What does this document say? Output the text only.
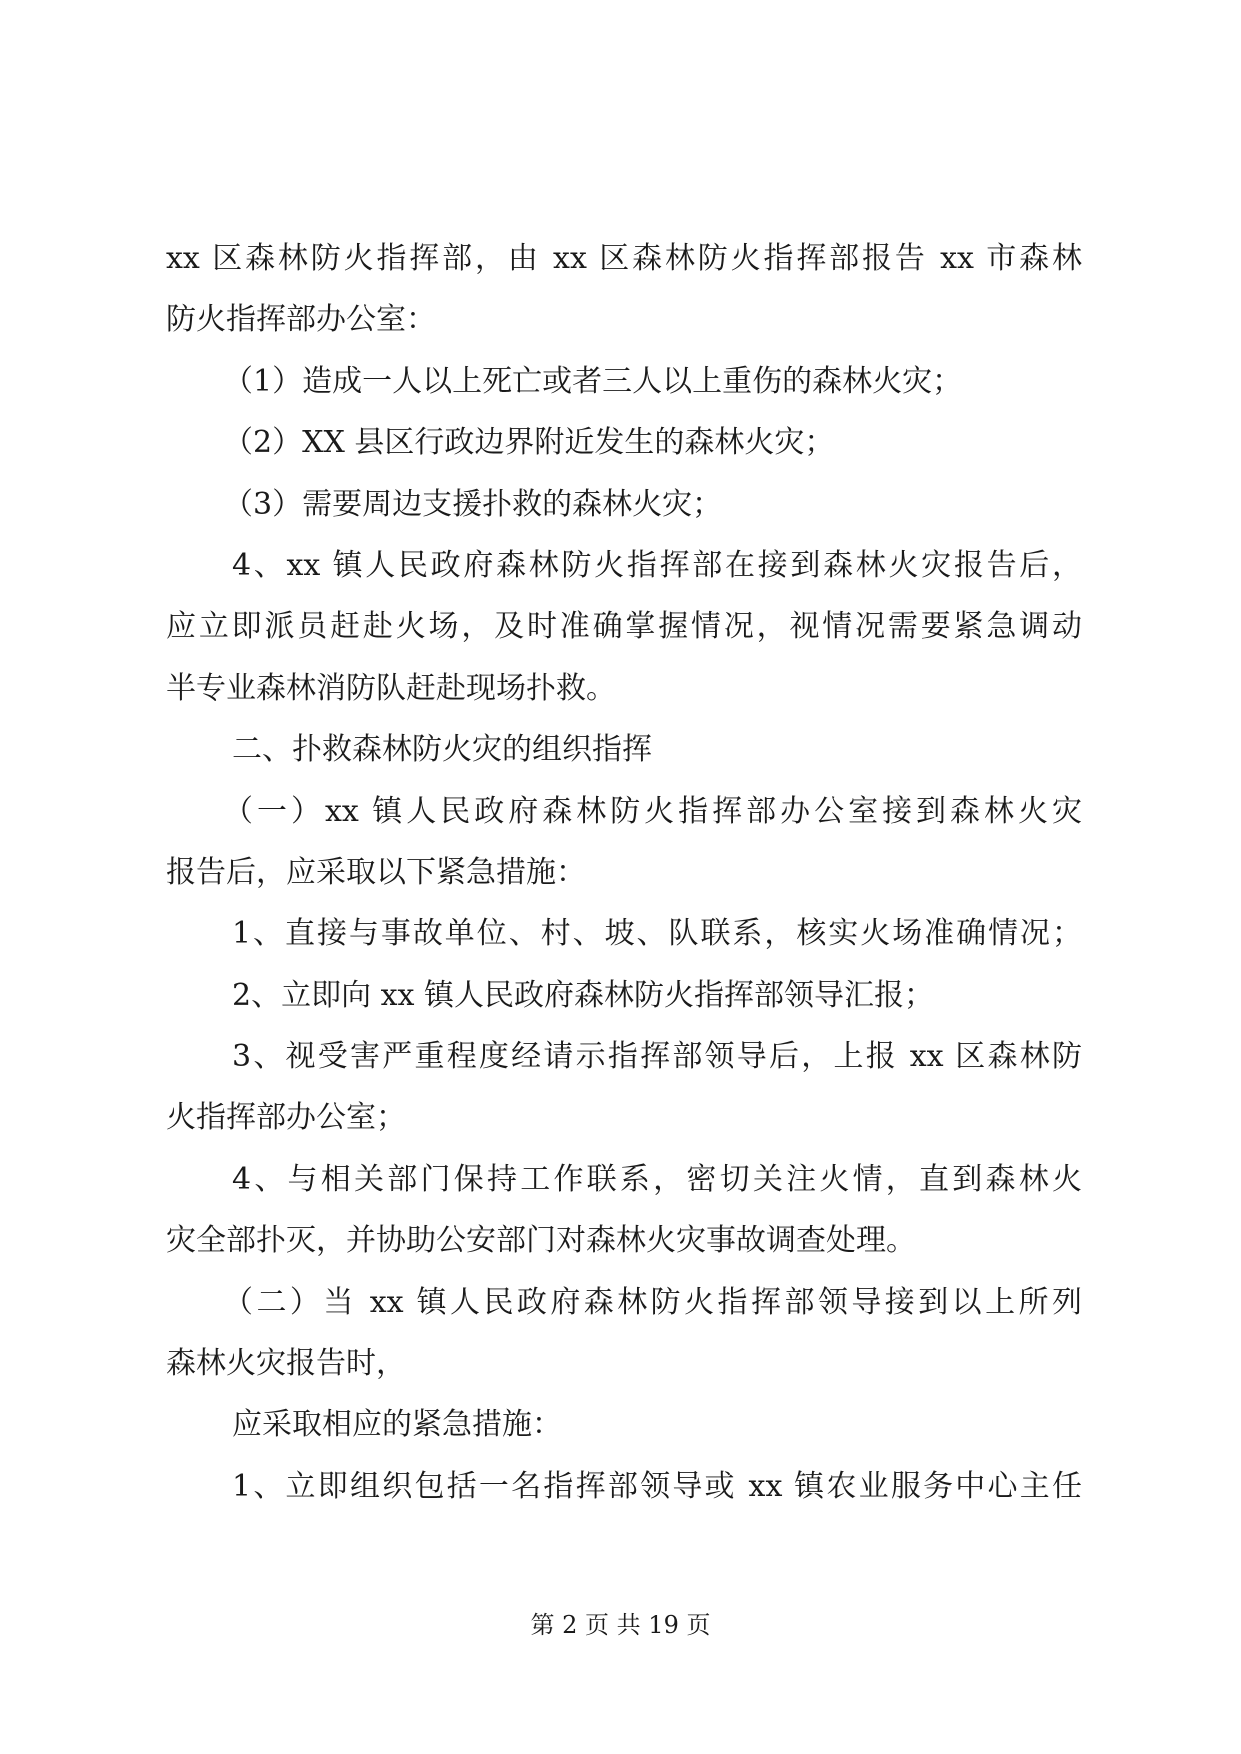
xx 区森林防火指挥部，由 xx 区森林防火指挥部报告 xx 市森林
防火指挥部办公室：
（1）造成一人以上死亡或者三人以上重伤的森林火灾；
（2）XX 县区行政边界附近发生的森林火灾；
（3）需要周边支援扑救的森林火灾；
4、xx 镇人民政府森林防火指挥部在接到森林火灾报告后，
应立即派员赶赴火场，及时准确掌握情况，视情况需要紧急调动
半专业森林消防队赶赴现场扑救。
二、扑救森林防火灾的组织指挥
（一）xx 镇人民政府森林防火指挥部办公室接到森林火灾
报告后，应采取以下紧急措施：
1、直接与事故单位、村、坡、队联系，核实火场准确情况；
2、立即向 xx 镇人民政府森林防火指挥部领导汇报；
3、视受害严重程度经请示指挥部领导后，上报 xx 区森林防
火指挥部办公室；
4、与相关部门保持工作联系，密切关注火情，直到森林火
灾全部扑灭，并协助公安部门对森林火灾事故调查处理。
（二）当 xx 镇人民政府森林防火指挥部领导接到以上所列
森林火灾报告时，
应采取相应的紧急措施：
1、立即组织包括一名指挥部领导或 xx 镇农业服务中心主任
第 2 页 共 19 页
